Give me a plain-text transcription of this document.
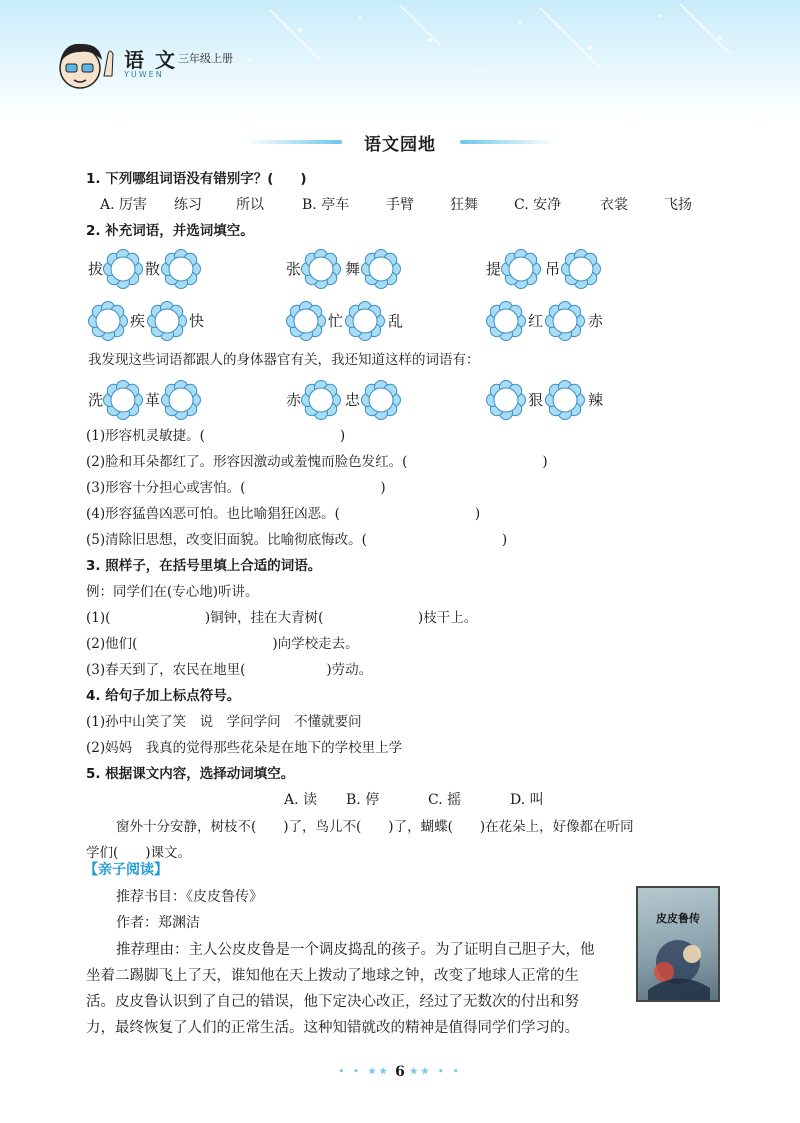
语 文
YUWEN
三年级上册
语文园地
1. 下列哪组词语没有错别字？(　　)
A. 厉害 练习 所以	B. 亭车	手臂	狂舞	C. 安净	衣裳	飞扬
2. 补充词语，并选词填空。
拔	散	张	舞	提	吊
疾	快	忙	乱	红	赤
我发现这些词语都跟人的身体器官有关，我还知道这样的词语有：
洗	革	赤	忠	狠	辣
(1)形容机灵敏捷。(　　　　　　　　　　)
(2)脸和耳朵都红了。形容因激动或羞愧而脸色发红。(　　　　　　　　　　)
(3)形容十分担心或害怕。(　　　　　　　　　　)
(4)形容猛兽凶恶可怕。也比喻猖狂凶恶。(　　　　　　　　　　)
(5)清除旧思想，改变旧面貌。比喻彻底悔改。(　　　　　　　　　　)
3. 照样子，在括号里填上合适的词语。
例：同学们在(专心地)听讲。
(1)(　　　　　　　)铜钟，挂在大青树(　　　　　　　)枝干上。
(2)他们(　　　　　　　　　　)向学校走去。
(3)春天到了，农民在地里(　　　　　　)劳动。
4. 给句子加上标点符号。
(1)孙中山笑了笑　说　学问学问　不懂就要问
(2)妈妈　我真的觉得那些花朵是在地下的学校里上学
5. 根据课文内容，选择动词填空。
A. 读 B. 停	C. 摇	D. 叫
窗外十分安静，树枝不(　　)了，鸟儿不(　　)了，蝴蝶(　　)在花朵上，好像都在听同
学们(　　)课文。
【亲子阅读】
推荐书目：《皮皮鲁传》
作者：郑渊洁	皮皮鲁传
推荐理由：主人公皮皮鲁是一个调皮捣乱的孩子。为了证明自己胆子大，他
坐着二踢脚飞上了天，谁知他在天上拨动了地球之钟，改变了地球人正常的生
活。皮皮鲁认识到了自己的错误，他下定决心改正，经过了无数次的付出和努
力，最终恢复了人们的正常生活。这种知错就改的精神是值得同学们学习的。
• • ★★ 6 ★★ • •
